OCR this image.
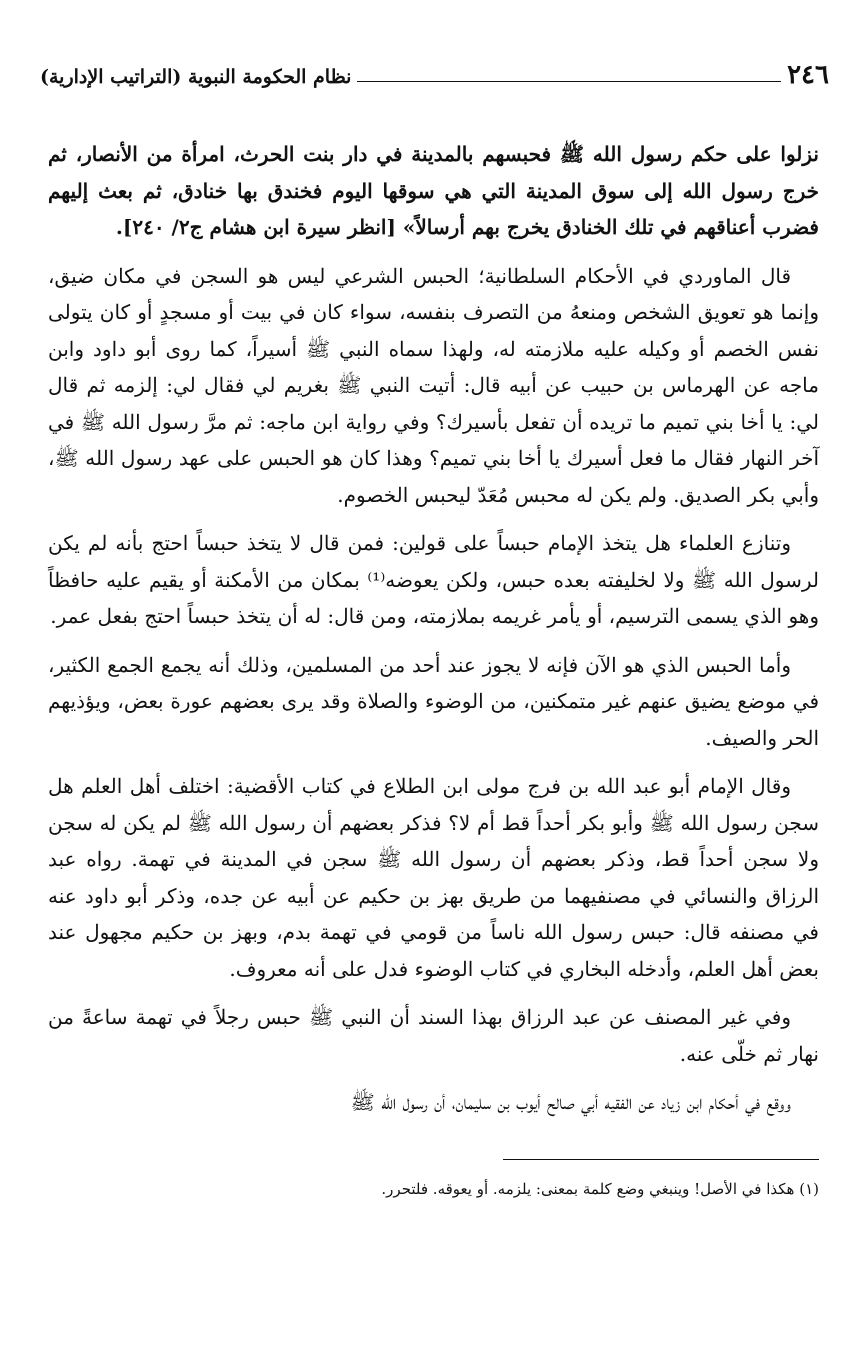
٢٤٦
نظام الحكومة النبوية (التراتيب الإدارية)

نزلوا على حكم رسول الله ﷺ فحبسهم بالمدينة في دار بنت الحرث، امرأة من الأنصار، ثم خرج رسول الله إلى سوق المدينة التي هي سوقها اليوم فخندق بها خنادق، ثم بعث إليهم فضرب أعناقهم في تلك الخنادق يخرج بهم أرسالاً» [انظر سيرة ابن هشام ج٢/ ٢٤٠].

قال الماوردي في الأحكام السلطانية؛ الحبس الشرعي ليس هو السجن في مكان ضيق، وإنما هو تعويق الشخص ومنعهُ من التصرف بنفسه، سواء كان في بيت أو مسجدٍ أو كان يتولى نفس الخصم أو وكيله عليه ملازمته له، ولهذا سماه النبي ﷺ أسيراً، كما روى أبو داود وابن ماجه عن الهرماس بن حبيب عن أبيه قال: أتيت النبي ﷺ بغريم لي فقال لي: إلزمه ثم قال لي: يا أخا بني تميم ما تريده أن تفعل بأسيرك؟ وفي رواية ابن ماجه: ثم مرَّ رسول الله ﷺ في آخر النهار فقال ما فعل أسيرك يا أخا بني تميم؟ وهذا كان هو الحبس على عهد رسول الله ﷺ، وأبي بكر الصديق. ولم يكن له محبس مُعَدّ ليحبس الخصوم.

وتنازع العلماء هل يتخذ الإمام حبساً على قولين: فمن قال لا يتخذ حبساً احتج بأنه لم يكن لرسول الله ﷺ ولا لخليفته بعده حبس، ولكن يعوضه⁽¹⁾ بمكان من الأمكنة أو يقيم عليه حافظاً وهو الذي يسمى الترسيم، أو يأمر غريمه بملازمته، ومن قال: له أن يتخذ حبساً احتج بفعل عمر.

وأما الحبس الذي هو الآن فإنه لا يجوز عند أحد من المسلمين، وذلك أنه يجمع الجمع الكثير، في موضع يضيق عنهم غير متمكنين، من الوضوء والصلاة وقد يرى بعضهم عورة بعض، ويؤذيهم الحر والصيف.

وقال الإمام أبو عبد الله بن فرج مولى ابن الطلاع في كتاب الأقضية: اختلف أهل العلم هل سجن رسول الله ﷺ وأبو بكر أحداً قط أم لا؟ فذكر بعضهم أن رسول الله ﷺ لم يكن له سجن ولا سجن أحداً قط، وذكر بعضهم أن رسول الله ﷺ سجن في المدينة في تهمة. رواه عبد الرزاق والنسائي في مصنفيهما من طريق بهز بن حكيم عن أبيه عن جده، وذكر أبو داود عنه في مصنفه قال: حبس رسول الله ناساً من قومي في تهمة بدم، وبهز بن حكيم مجهول عند بعض أهل العلم، وأدخله البخاري في كتاب الوضوء فدل على أنه معروف.

وفي غير المصنف عن عبد الرزاق بهذا السند أن النبي ﷺ حبس رجلاً في تهمة ساعةً من نهار ثم خلّى عنه.

ووقع في أحكام ابن زياد عن الفقيه أبي صالح أيوب بن سليمان، أن رسول الله ﷺ

(١) هكذا في الأصل! وينبغي وضع كلمة بمعنى: يلزمه. أو يعوقه. فلتحرر.
